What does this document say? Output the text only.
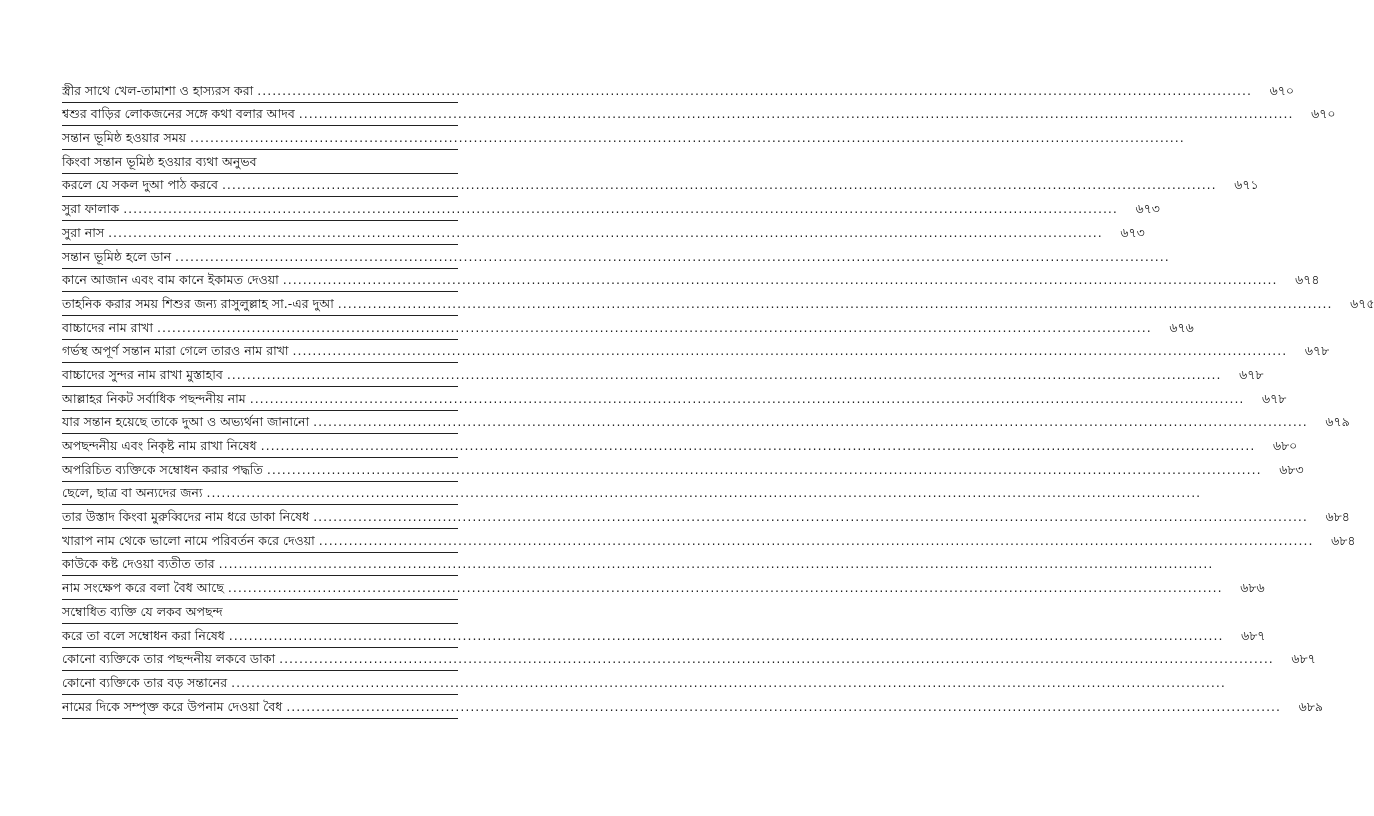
স্ত্রীর সাথে খেল-তামাশা ও হাস্যরস করা ........................................................................................................................................................................................................	৬৭০
শ্বশুর বাড়ির লোকজনের সঙ্গে কথা বলার আদব ........................................................................................................................................................................................................	৬৭০
সন্তান ভূমিষ্ঠ হওয়ার সময় ........................................................................................................................................................................................................
কিংবা সন্তান ভূমিষ্ঠ হওয়ার ব্যথা অনুভব
করলে যে সকল দুআ পাঠ করবে ........................................................................................................................................................................................................	৬৭১
সুরা ফালাক ........................................................................................................................................................................................................	৬৭৩
সুরা নাস ........................................................................................................................................................................................................	৬৭৩
সন্তান ভূমিষ্ঠ হলে ডান ........................................................................................................................................................................................................
কানে আজান এবং বাম কানে ইকামত দেওয়া ........................................................................................................................................................................................................	৬৭৪
তাহনিক করার সময় শিশুর জন্য রাসুলুল্লাহ সা.-এর দুআ ........................................................................................................................................................................................................	৬৭৫
বাচ্চাদের নাম রাখা ........................................................................................................................................................................................................	৬৭৬
গর্ভস্থ অপূর্ণ সন্তান মারা গেলে তারও নাম রাখা ........................................................................................................................................................................................................	৬৭৮
বাচ্চাদের সুন্দর নাম রাখা মুস্তাহাব ........................................................................................................................................................................................................	৬৭৮
আল্লাহর নিকট সর্বাধিক পছন্দনীয় নাম ........................................................................................................................................................................................................	৬৭৮
যার সন্তান হয়েছে তাকে দুআ ও অভ্যর্থনা জানানো ........................................................................................................................................................................................................	৬৭৯
অপছন্দনীয় এবং নিকৃষ্ট নাম রাখা নিষেধ ........................................................................................................................................................................................................	৬৮০
অপরিচিত ব্যক্তিকে সম্বোধন করার পদ্ধতি ........................................................................................................................................................................................................	৬৮৩
ছেলে, ছাত্র বা অন্যদের জন্য ........................................................................................................................................................................................................
তার উস্তাদ কিংবা মুরুব্বিদের নাম ধরে ডাকা নিষেধ ........................................................................................................................................................................................................	৬৮৪
খারাপ নাম থেকে ভালো নামে পরিবর্তন করে দেওয়া ........................................................................................................................................................................................................	৬৮৪
কাউকে কষ্ট দেওয়া ব্যতীত তার ........................................................................................................................................................................................................
নাম সংক্ষেপ করে বলা বৈধ আছে ........................................................................................................................................................................................................	৬৮৬
সম্বোধিত ব্যক্তি যে লকব অপছন্দ
করে তা বলে সম্বোধন করা নিষেধ ........................................................................................................................................................................................................	৬৮৭
কোনো ব্যক্তিকে তার পছন্দনীয় লকবে ডাকা ........................................................................................................................................................................................................	৬৮৭
কোনো ব্যক্তিকে তার বড় সন্তানের ........................................................................................................................................................................................................
নামের দিকে সম্পৃক্ত করে উপনাম দেওয়া বৈধ ........................................................................................................................................................................................................	৬৮৯
